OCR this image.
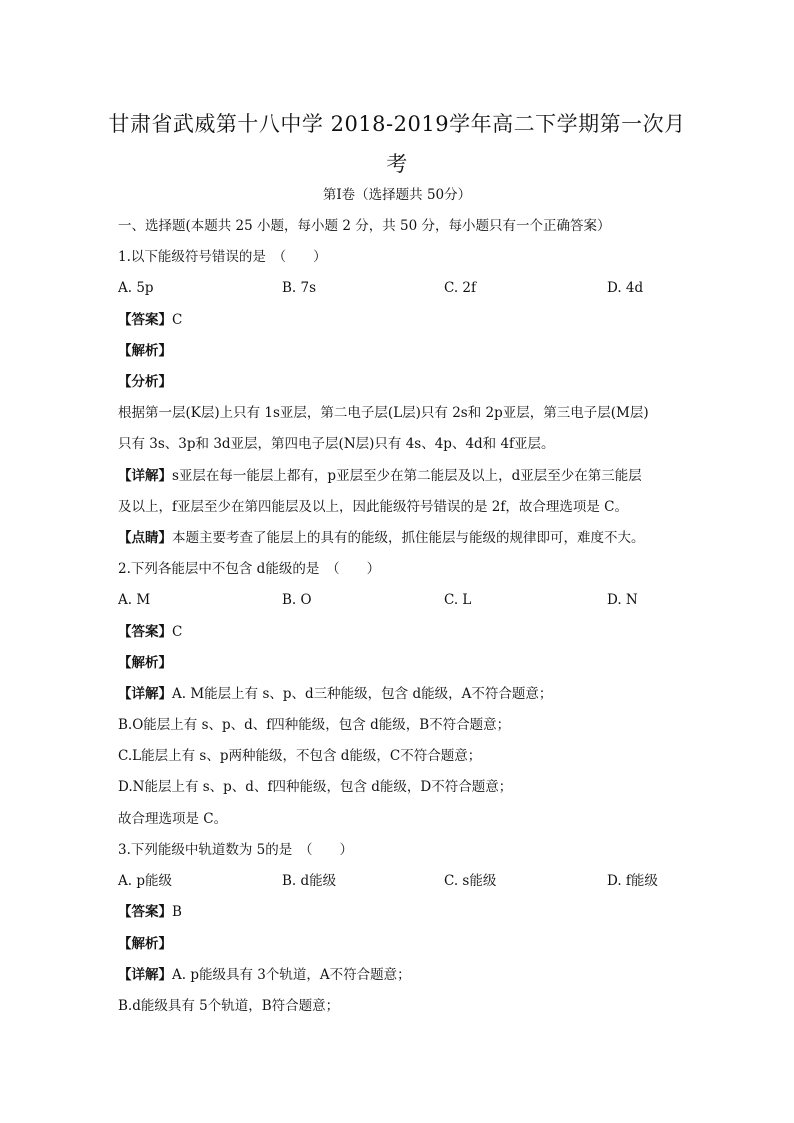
甘肃省武威第十八中学 2018-2019学年高二下学期第一次月
考
第I卷（选择题共 50分）
一、选择题(本题共 25 小题，每小题 2 分，共 50 分，每小题只有一个正确答案）
1.以下能级符号错误的是　（　　）
A. 5p	B. 7s	C. 2f	D. 4d
【答案】C
【解析】
【分析】
根据第一层(K层)上只有 1s亚层，第二电子层(L层)只有 2s和 2p亚层，第三电子层(M层)
只有 3s、3p和 3d亚层，第四电子层(N层)只有 4s、4p、4d和 4f亚层。
【详解】s亚层在每一能层上都有，p亚层至少在第二能层及以上，d亚层至少在第三能层
及以上，f亚层至少在第四能层及以上，因此能级符号错误的是 2f，故合理选项是 C。
【点睛】本题主要考查了能层上的具有的能级，抓住能层与能级的规律即可，难度不大。
2.下列各能层中不包含 d能级的是　（　　）
A. M	B. O	C. L	D. N
【答案】C
【解析】
【详解】A. M能层上有 s、p、d三种能级，包含 d能级，A不符合题意；
B.O能层上有 s、p、d、f四种能级，包含 d能级，B不符合题意；
C.L能层上有 s、p两种能级，不包含 d能级，C不符合题意；
D.N能层上有 s、p、d、f四种能级，包含 d能级，D不符合题意；
故合理选项是 C。
3.下列能级中轨道数为 5的是　（　　）
A. p能级	B. d能级	C. s能级	D. f能级
【答案】B
【解析】
【详解】A. p能级具有 3个轨道，A不符合题意；
B.d能级具有 5个轨道，B符合题意；
